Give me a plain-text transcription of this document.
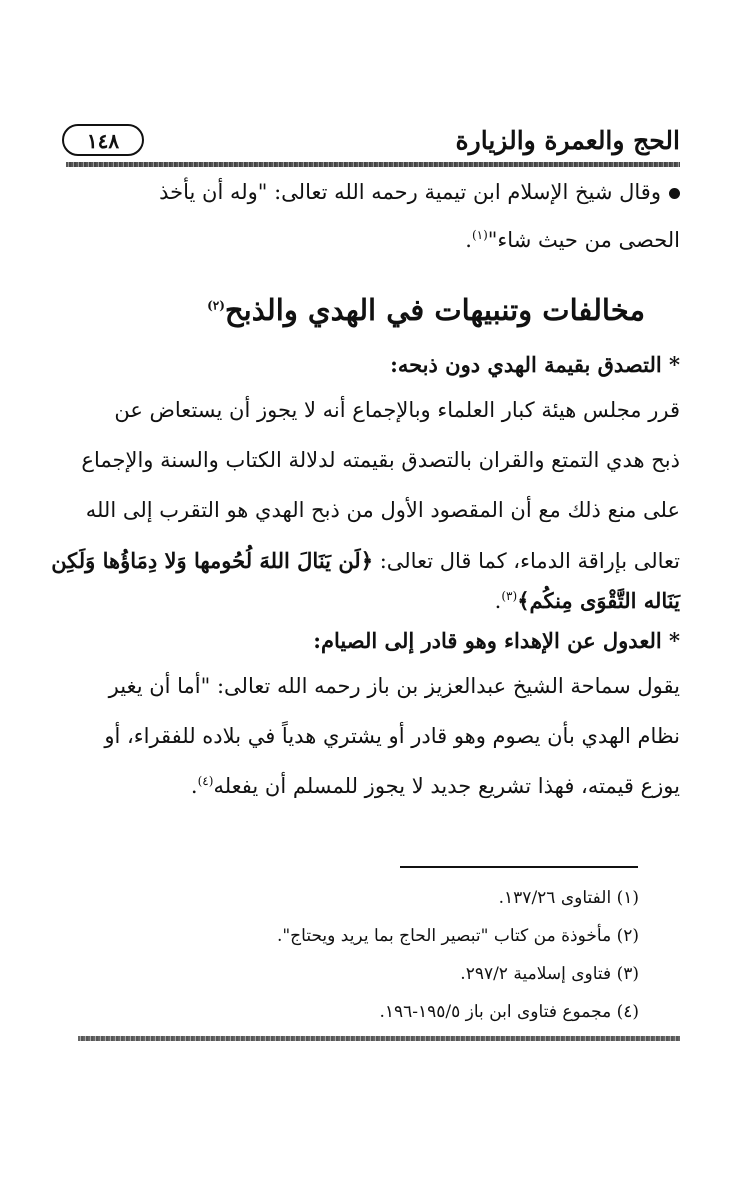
الحج والعمرة والزيارة
١٤٨
وقال شيخ الإسلام ابن تيمية رحمه الله تعالى: "وله أن يأخذ
الحصى من حيث شاء"$^{(١)}$.
مخالفات وتنبيهات في الهدي والذبح$^{(٢)}$
* التصدق بقيمة الهدي دون ذبحه:
قرر مجلس هيئة كبار العلماء وبالإجماع أنه لا يجوز أن يستعاض عن
ذبح هدي التمتع والقران بالتصدق بقيمته لدلالة الكتاب والسنة والإجماع
على منع ذلك مع أن المقصود الأول من ذبح الهدي هو التقرب إلى الله
تعالى بإراقة الدماء، كما قال تعالى: ﴿لَن يَنَالَ اللهَ لُحُومها وَلا دِمَاؤُها وَلَكِن
يَنَاله التَّقْوَى مِنكُم﴾$^{(٣)}$.
* العدول عن الإهداء وهو قادر إلى الصيام:
يقول سماحة الشيخ عبدالعزيز بن باز رحمه الله تعالى: "أما أن يغير
نظام الهدي بأن يصوم وهو قادر أو يشتري هدياً في بلاده للفقراء، أو
يوزع قيمته، فهذا تشريع جديد لا يجوز للمسلم أن يفعله$^{(٤)}$.
(١) الفتاوى ١٣٧/٢٦.
(٢) مأخوذة من كتاب "تبصير الحاج بما يريد ويحتاج".
(٣) فتاوى إسلامية ٢٩٧/٢.
(٤) مجموع فتاوى ابن باز ١٩٥/٥-١٩٦.
